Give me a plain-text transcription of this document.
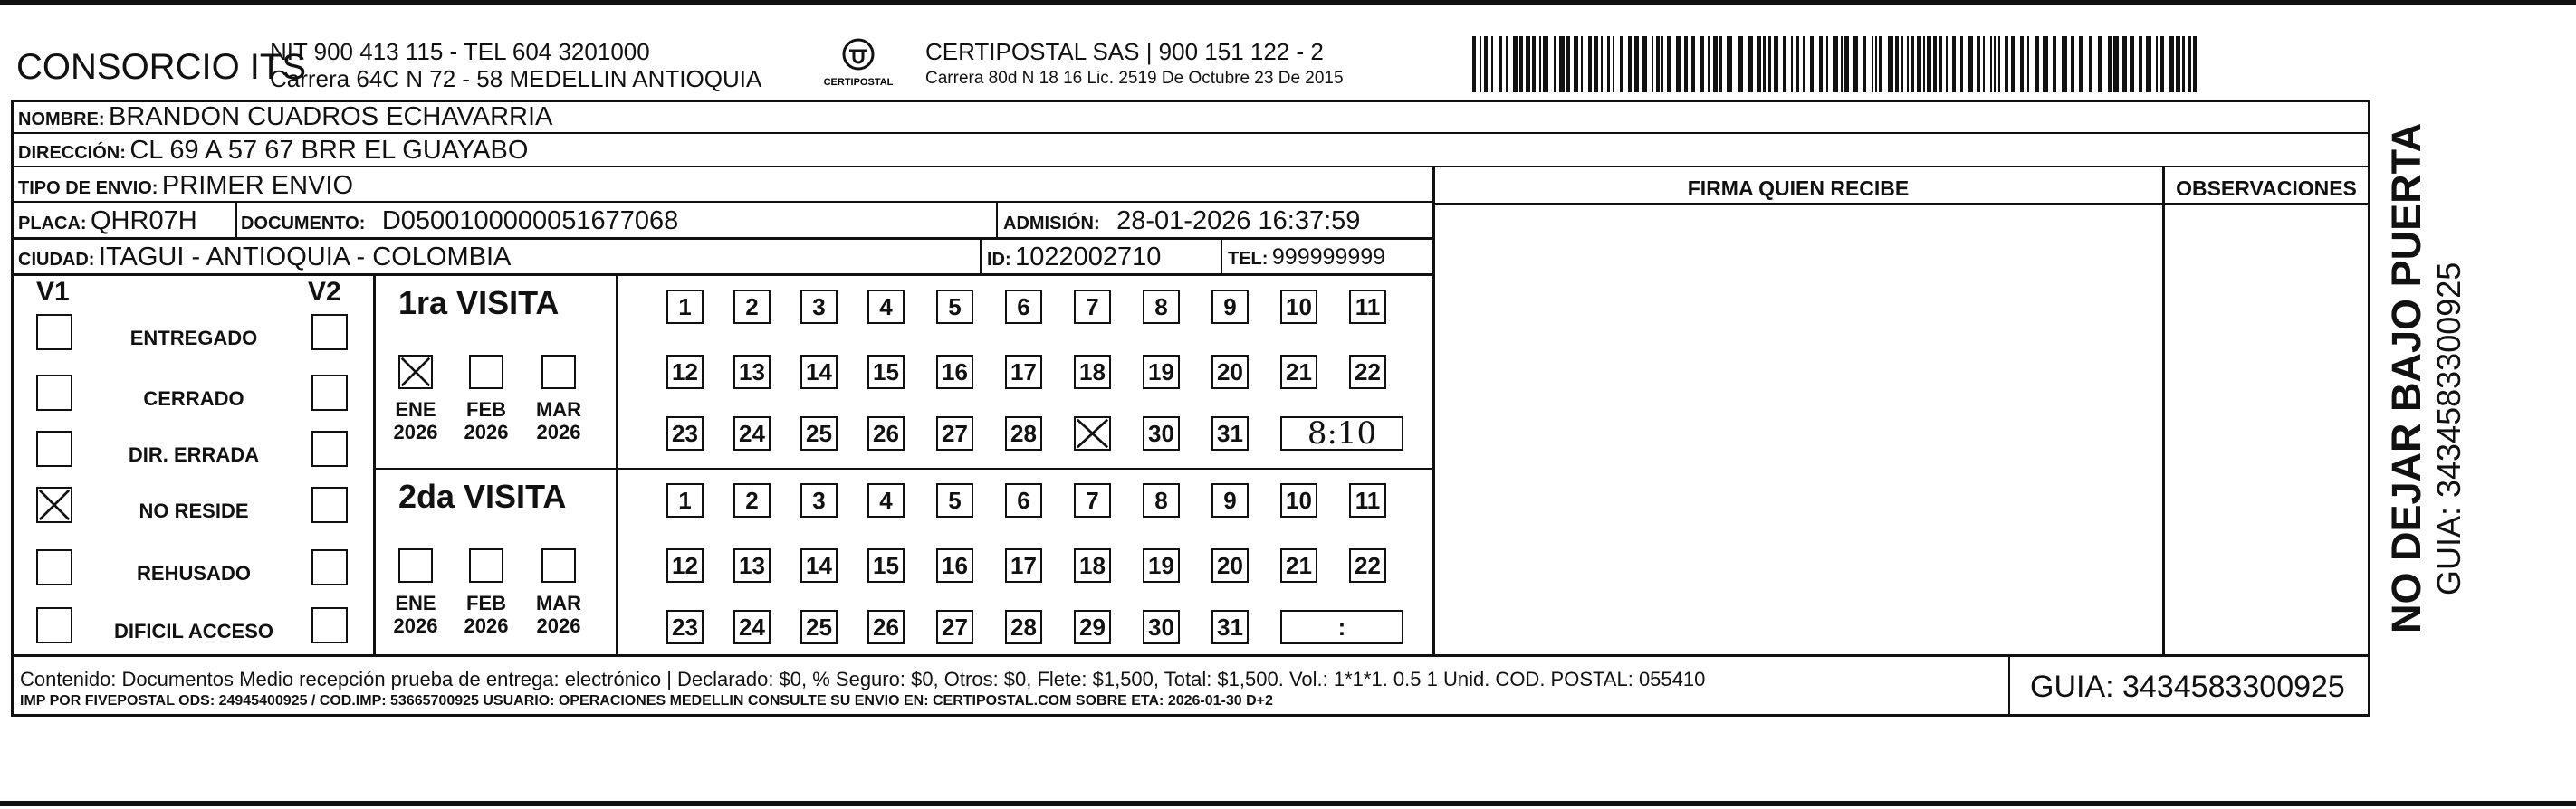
CONSORCIO ITS
NIT 900 413 115 - TEL 604 3201000
Carrera 64C N 72 - 58 MEDELLIN ANTIOQUIA	CERTIPOSTAL
CERTIPOSTAL SAS | 900 151 122 - 2
Carrera 80d N 18 16 Lic. 2519 De Octubre 23 De 2015
NOMBRE: BRANDON CUADROS ECHAVARRIA
DIRECCIÓN: CL 69 A 57 67 BRR EL GUAYABO
TIPO DE ENVIO: PRIMER ENVIO	FIRMA QUIEN RECIBE	OBSERVACIONES
PLACA: QHR07H DOCUMENTO: D0500100000051677068	ADMISIÓN: 28-01-2026 16:37:59
CIUDAD: ITAGUI - ANTIOQUIA - COLOMBIA	ID: 1022002710	TEL: 999999999
V1	V2
ENTREGADO
CERRADO
DIR. ERRADA
NO RESIDE
REHUSADO
DIFICIL ACCESO
1ra VISITA
ENE
2026
FEB
2026
MAR
2026
1	2	3	4	5	6	7	8	9	10 11
12 13 14 15 16 17 18 19 20 21 22
23 24 25 26 27 28	30 31	8:10
2da VISITA
ENE
2026
FEB
2026
MAR
2026
1	2	3	4	5	6	7	8	9	10 11
12 13 14 15 16 17 18 19 20 21 22
23 24 25 26 27 28 29 30 31	:
Contenido: Documentos Medio recepción prueba de entrega: electrónico | Declarado: $0, % Seguro: $0, Otros: $0, Flete: $1,500, Total: $1,500. Vol.: 1*1*1. 0.5 1 Unid. COD. POSTAL: 055410
IMP POR FIVEPOSTAL ODS: 24945400925 / COD.IMP: 53665700925 USUARIO: OPERACIONES MEDELLIN CONSULTE SU ENVIO EN: CERTIPOSTAL.COM SOBRE ETA: 2026-01-30 D+2	GUIA: 3434583300925
NO DEJAR BAJO PUERTA GUIA: 3434583300925
